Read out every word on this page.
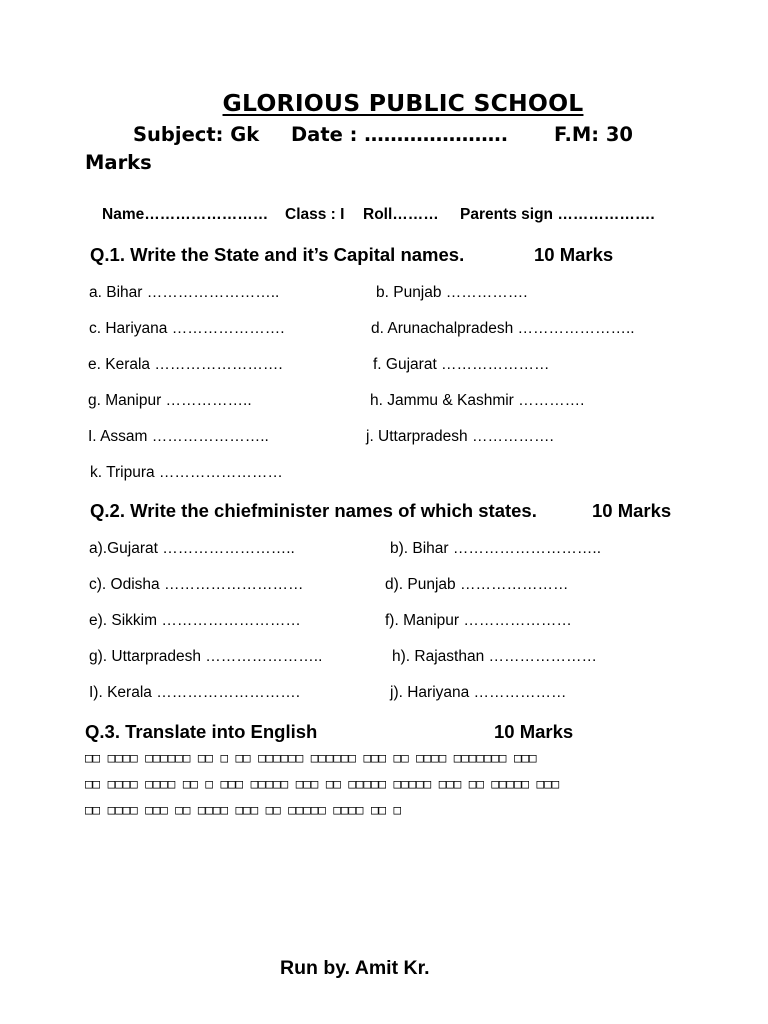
GLORIOUS PUBLIC SCHOOL
Subject: Gk Date : …………………. F.M: 30
Marks
Name…………………… Class : I Roll……… Parents sign ……………….
Q.1. Write the State and it’s Capital names.	10 Marks
a. Bihar ……………………..	b. Punjab …………….
c. Hariyana ………………….	d. Arunachalpradesh …………………..
e. Kerala …………………….	f. Gujarat …………………
g. Manipur ……………..	h. Jammu & Kashmir ………….
I. Assam …………………..	j. Uttarpradesh …………….
k. Tripura ……………………
Q.2. Write the chiefminister names of which states.	10 Marks
a).Gujarat ……………………..	b). Bihar ………………………..
c). Odisha ………………………	d). Punjab …………………
e). Sikkim ………………………	f). Manipur …………………
g). Uttarpradesh …………………..	h). Rajasthan …………………
I). Kerala ……………………….	j). Hariyana ………………
Q.3. Translate into English	10 Marks
□□ □□□□ □□□□□□ □□ □ □□ □□□□□□ □□□□□□ □□□ □□ □□□□ □□□□□□□ □□□
□□ □□□□ □□□□ □□ □ □□□ □□□□□ □□□ □□ □□□□□ □□□□□ □□□ □□ □□□□□ □□□
□□ □□□□ □□□ □□ □□□□ □□□ □□ □□□□□ □□□□ □□ □
Run by. Amit Kr.
